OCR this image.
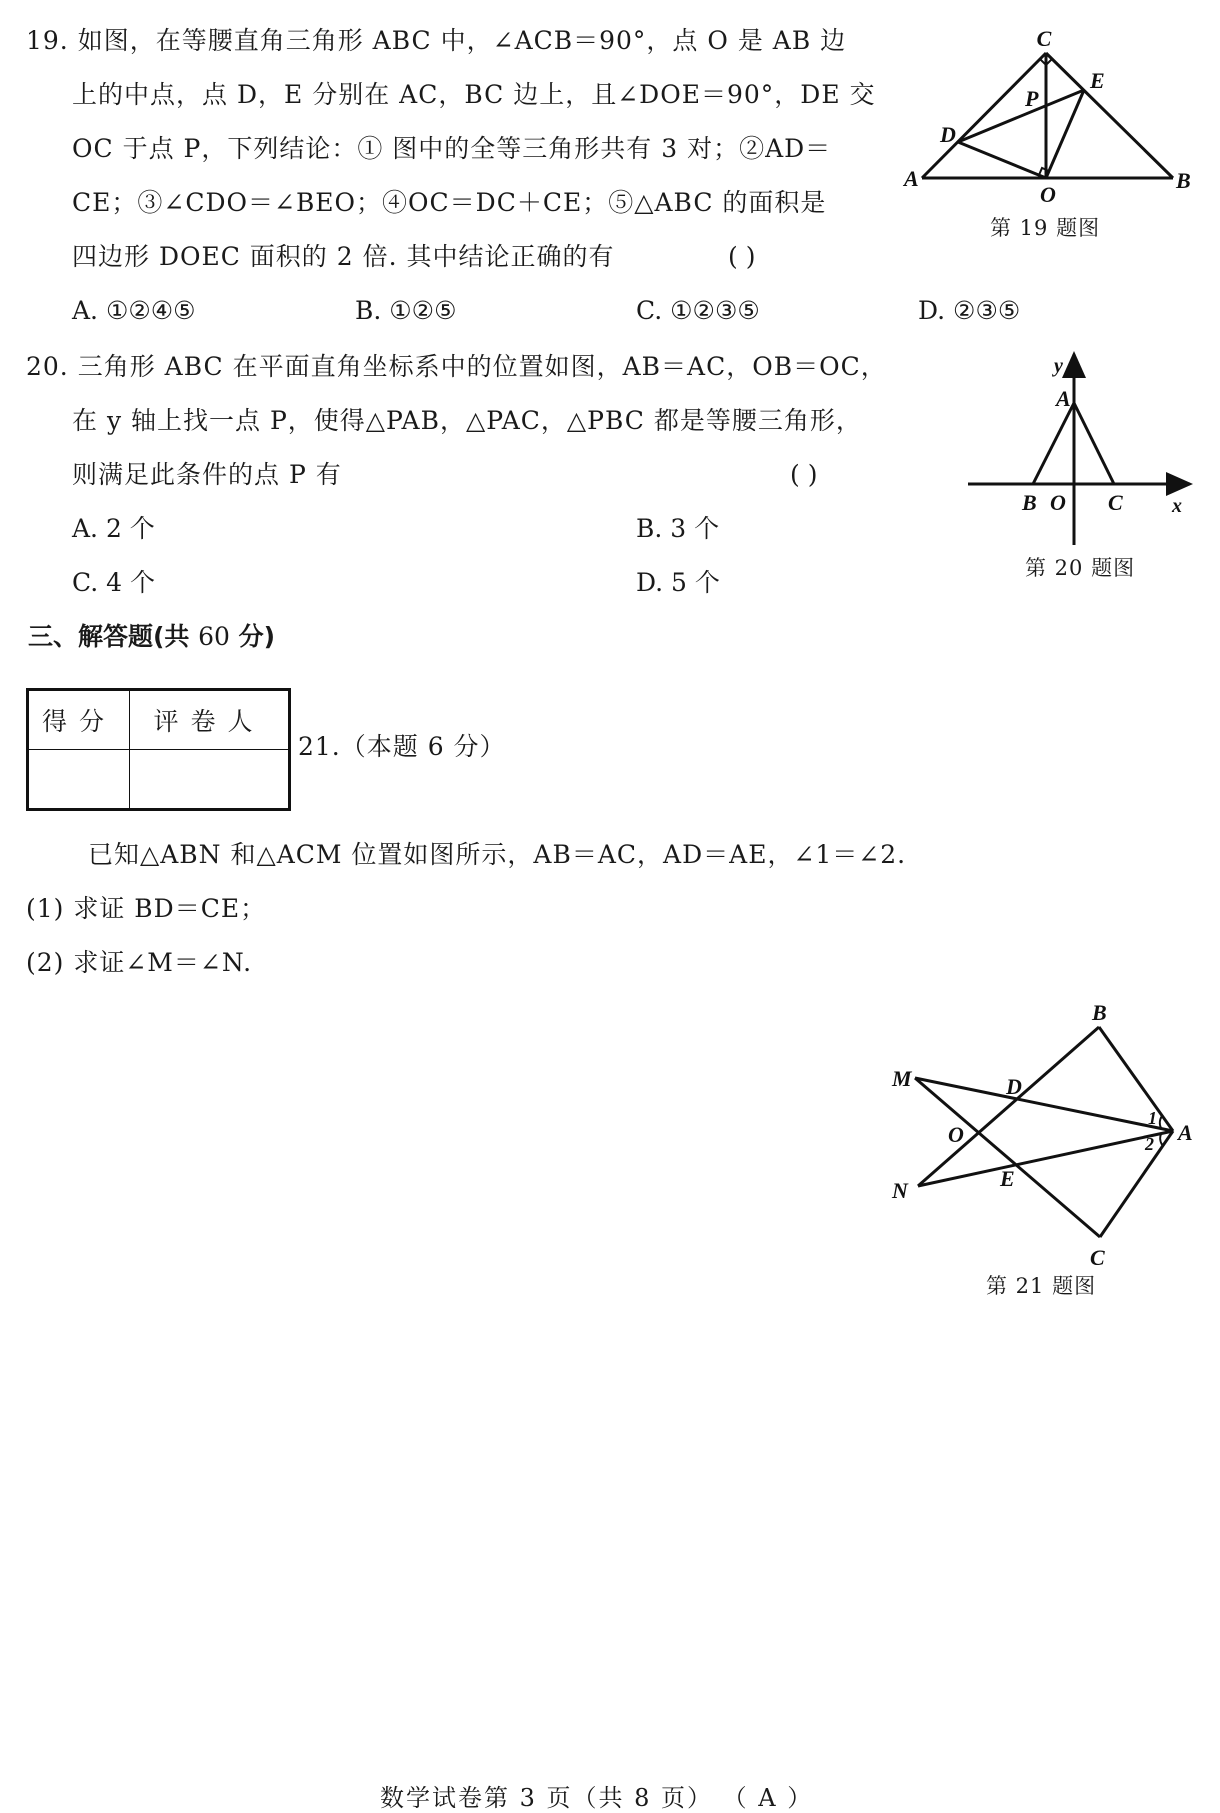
19. 如图，在等腰直角三角形 ABC 中，∠ACB＝90°，点 O 是 AB 边
上的中点，点 D，E 分别在 AC，BC 边上，且∠DOE＝90°，DE 交
OC 于点 P，下列结论：① 图中的全等三角形共有 3 对；②AD＝
CE；③∠CDO＝∠BEO；④OC＝DC＋CE；⑤△ABC 的面积是
四边形 DOEC 面积的 2 倍. 其中结论正确的有	( )
A. ①②④⑤	B. ①②⑤	C. ①②③⑤	D. ②③⑤
C
E
P
D
A
O
B
第 19 题图
20. 三角形 ABC 在平面直角坐标系中的位置如图，AB＝AC，OB＝OC，
在 y 轴上找一点 P，使得△PAB，△PAC，△PBC 都是等腰三角形，
则满足此条件的点 P 有	( )
A. 2 个	B. 3 个
C. 4 个	D. 5 个
y
A
B O C x
第 20 题图
三、解答题(共 60 分)
得分	评卷人

21.（本题 6 分）
已知△ABN 和△ACM 位置如图所示，AB＝AC，AD＝AE，∠1＝∠2.
(1) 求证 BD＝CE；
(2) 求证∠M＝∠N.
B
M	D
O
1
A
2
N	E
C
第 21 题图
数学试卷第 3 页（共 8 页） （ A ）
